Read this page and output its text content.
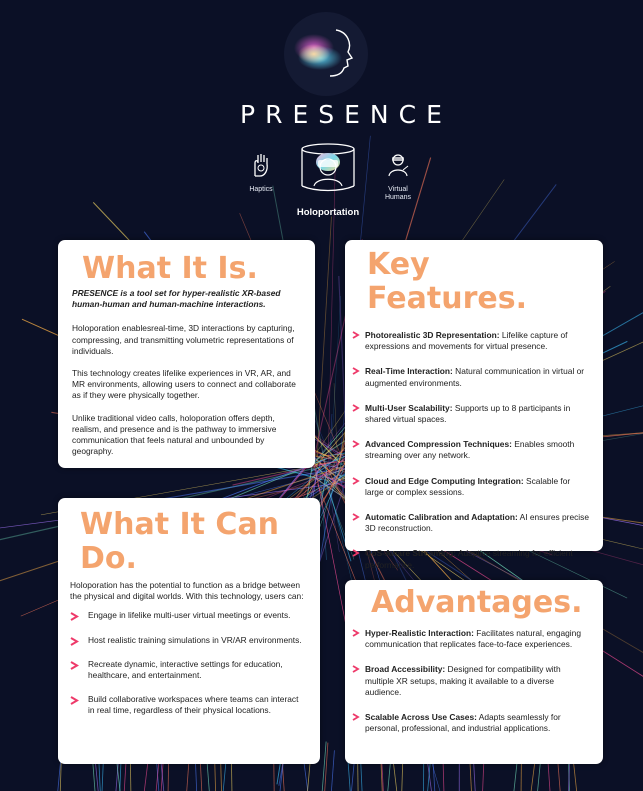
PRESENCE
Haptics
Holoportation
Virtual Humans
What It Is.

PRESENCE is a tool set for hyper-realistic XR-based human-human and human-machine interactions.

Holoporation enablesreal-time, 3D interactions by capturing, compressing, and transmitting volumetric representations of individuals.

This technology creates lifelike experiences in VR, AR, and MR environments, allowing users to connect and collaborate as if they were physically together.

Unlike traditional video calls, holoporation offers depth, realism, and presence and is the pathway to immersive communication that feels natural and unbounded by geography.

Key Features.
Photorealistic 3D Representation: Lifelike capture of expressions and movements for virtual presence.
Real-Time Interaction: Natural communication in virtual or augmented environments.
Multi-User Scalability: Supports up to 8 participants in shared virtual spaces.
Advanced Compression Techniques: Enables smooth streaming over any network.
Cloud and Edge Computing Integration: Scalable for large or complex sessions.
Automatic Calibration and Adaptation: AI ensures precise 3D reconstruction.
QoS-Aware Streaming: Adaptive streaming for efficient performance.
What It Can Do.

Holoporation has the potential to function as a bridge between the physical and digital worlds. With this technology, users can:

Engage in lifelike multi-user virtual meetings or events.
Host realistic training simulations in VR/AR environments.
Recreate dynamic, interactive settings for education, healthcare, and entertainment.
Build collaborative workspaces where teams can interact in real time, regardless of their physical locations.
Advantages.
Hyper-Realistic Interaction: Facilitates natural, engaging communication that replicates face-to-face experiences.
Broad Accessibility: Designed for compatibility with multiple XR setups, making it available to a diverse audience.
Scalable Across Use Cases: Adapts seamlessly for personal, professional, and industrial applications.
